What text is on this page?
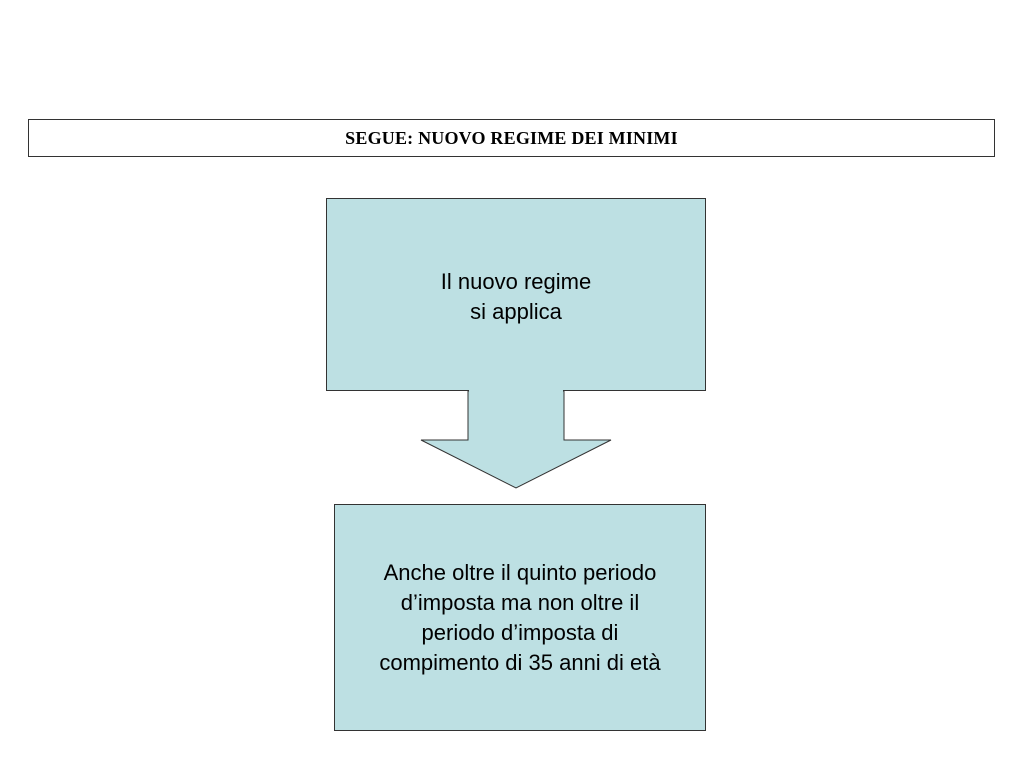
SEGUE: NUOVO REGIME DEI MINIMI
Il nuovo regime
si applica
Anche oltre il quinto periodo
d’imposta ma non oltre il
periodo d’imposta di
compimento di 35 anni di età
